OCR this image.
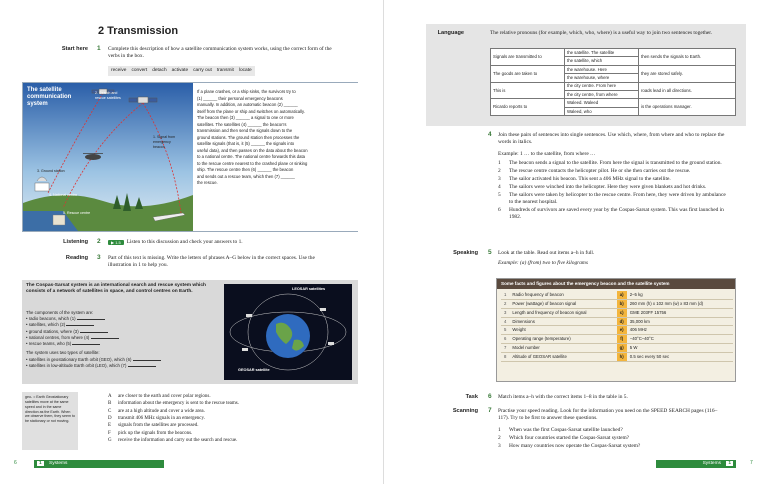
2 Transmission
Start here 1 Complete this description of how a satellite communication system works, using the correct form of the verbs in the box.
receive convert detach activate carry out transmit locate
The satellite communication system
2. Search and rescue satellites
1. Signal from emergency beacon
3. Ground station
4. National centre
5. Rescue centre
If a plane crashes, or a ship sinks, the survivors try to
(1) ______ their personal emergency beacons
manually. In addition, an automatic beacon (2) ______
itself from the plane or ship and switches on automatically.
The beacon then (3) ______ a signal to one or more
satellites. The satellites (4) ______ the beacon's
transmission and then send the signals down to the
ground stations. The ground station then processes the
satellite signals (that is, it (5) ______ the signals into
useful data), and then passes on the data about the beacon
to a national centre. The national centre forwards this data
to the rescue centre nearest to the crashed plane or sinking
ship. The rescue centre then (6) ______ the beacon
and sends out a rescue team, which then (7) ______
the rescue.
Listening 2	▶ 1.5	Listen to this discussion and check your answers to 1.
Reading 3 Part of this text is missing. Write the letters of phrases A–G below in the correct spaces. Use the illustration in 1 to help you.
The Cospas-Sarsat system is an international search and rescue system which consists of a network of satellites in space, and control centres on Earth.
The components of the system are:
• radio beacons, which (1)
• satellites, which (2)
• ground stations, where (3)
• national centres, from where (4)
• rescue teams, who (5)
The system uses two types of satellite:
• satellites in geostationary Earth orbit (GEO), which (6)
• satellites in low-altitude Earth orbit (LEO), which (7)
LEOSAR satellites
GEOSAR satellite
geo- = Earth Geostationary satellites move at the same speed and in the same direction as the Earth. When we observe them, they seem to be stationary or not moving.
A	are closer to the earth and cover polar regions.
B	information about the emergency is sent to the rescue teams.
C	are at a high altitude and cover a wide area.
D	transmit 406 MHz signals in an emergency.
E	signals from the satellites are processed.
F	pick up the signals from the beacons.
G	receive the information and carry out the search and rescue.
6	1 Systems
Language	The relative pronouns (for example, which, who, where) is a useful way to join two sentences together.
Signals are transmitted to	the satellite. The satellite
the satellite, which	then sends the signals to Earth.
The goods are taken to	the warehouse. Here
the warehouse, where	they are stored safely.
This is	the city centre. From here
the city centre, from where	roads lead in all directions.
Ricardo reports to	Waleed. Waleed
Waleed, who	is the operations manager.
4 Join these pairs of sentences into single sentences. Use which, where, from where and who to replace the words in italics.
Example: 1 … to the satellite, from where …
1	The beacon sends a signal to the satellite. From here the signal is transmitted to the ground station.
2	The rescue centre contacts the helicopter pilot. He or she then carries out the rescue.
3	The sailor activated his beacon. This sent a 406 MHz signal to the satellite.
4	The sailors were winched into the helicopter. Here they were given blankets and hot drinks.
5	The sailors were taken by helicopter to the rescue centre. From here, they were driven by ambulance to the nearest hospital.
6	Hundreds of survivors are saved every year by the Cospas-Sarsat system. This was first launched in 1982.
Speaking 5 Look at the table. Read out items a–h in full.
Example: (a) (from) two to five kilograms
Some facts and figures about the emergency beacon and the satellite system
1	Radio frequency of beacon	a)	2–5 kg
2	Power (wattage) of beacon signal	b)	260 mm (h) x 102 mm (w) x 83 mm (d)
3	Length and frequency of beacon signal	c)	GME 203FF 15756
4	Dimensions	d)	35,000 km
5	Weight	e)	406 MHz
6	Operating range (temperature)	f)	−40°C–40°C
7	Model number	g)	5 W
8	Altitude of GEOSAR satellite	h)	0.5 sec every 50 sec
Task 6 Match items a–h with the correct items 1–8 in the table in 5.
Scanning 7 Practise your speed reading. Look for the information you need on the SPEED SEARCH pages (116–117). Try to be first to answer these questions.
1	When was the first Cospas-Sarsat satellite launched?
2	Which four countries started the Cospas-Sarsat system?
3	How many countries now operate the Cospas-Sarsat system?
Systems 1	7
